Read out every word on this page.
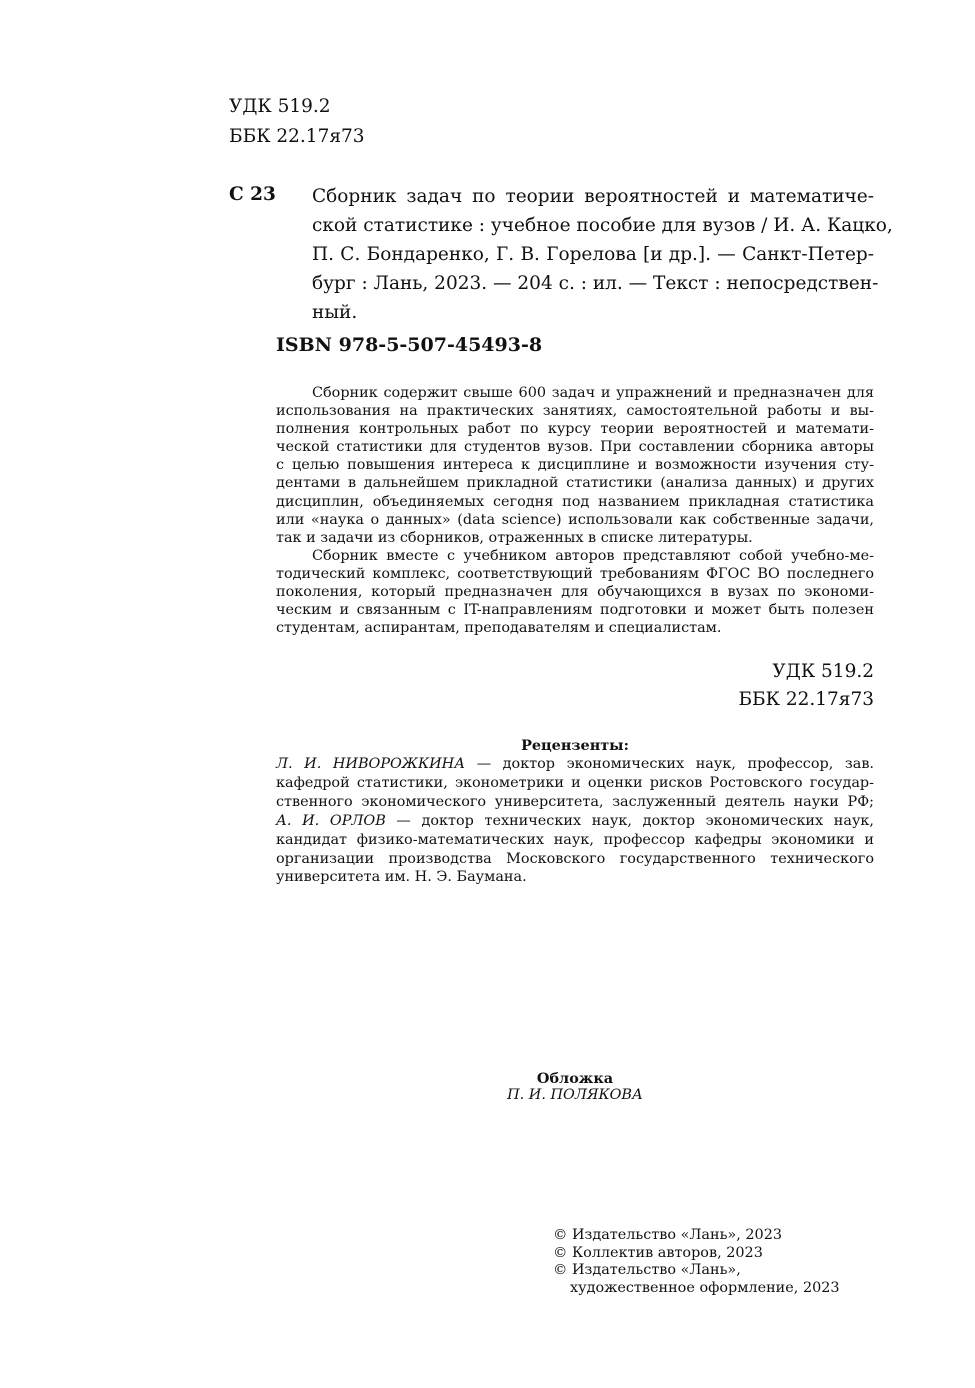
УДК 519.2
ББК 22.17я73
С 23 Сборник задач по теории вероятностей и математиче-
ской статистике : учебное пособие для вузов / И. А. Кацко,
П. С. Бондаренко, Г. В. Горелова [и др.]. — Санкт-Петер-
бург : Лань, 2023. — 204 с. : ил. — Текст : непосредствен-
ный.
ISBN 978-5-507-45493-8
Сборник содержит свыше 600 задач и упражнений и предназначен для
использования на практических занятиях, самостоятельной работы и вы-
полнения контрольных работ по курсу теории вероятностей и математи-
ческой статистики для студентов вузов. При составлении сборника авторы
с целью повышения интереса к дисциплине и возможности изучения сту-
дентами в дальнейшем прикладной статистики (анализа данных) и других
дисциплин, объединяемых сегодня под названием прикладная статистика
или «наука о данных» (data science) использовали как собственные задачи,
так и задачи из сборников, отраженных в списке литературы.
Сборник вместе с учебником авторов представляют собой учебно-ме-
тодический комплекс, соответствующий требованиям ФГОС ВО последнего
поколения, который предназначен для обучающихся в вузах по экономи-
ческим и связанным с IT-направлениям подготовки и может быть полезен
студентам, аспирантам, преподавателям и специалистам.
УДК 519.2
ББК 22.17я73
Рецензенты:
Л. И. НИВОРОЖКИНА — доктор экономических наук, профессор, зав.
кафедрой статистики, эконометрики и оценки рисков Ростовского государ-
ственного экономического университета, заслуженный деятель науки РФ;
А. И. ОРЛОВ — доктор технических наук, доктор экономических наук,
кандидат физико-математических наук, профессор кафедры экономики и
организации производства Московского государственного технического
университета им. Н. Э. Баумана.
Обложка
П. И. ПОЛЯКОВА
© Издательство «Лань», 2023
© Коллектив авторов, 2023
© Издательство «Лань»,
художественное оформление, 2023
